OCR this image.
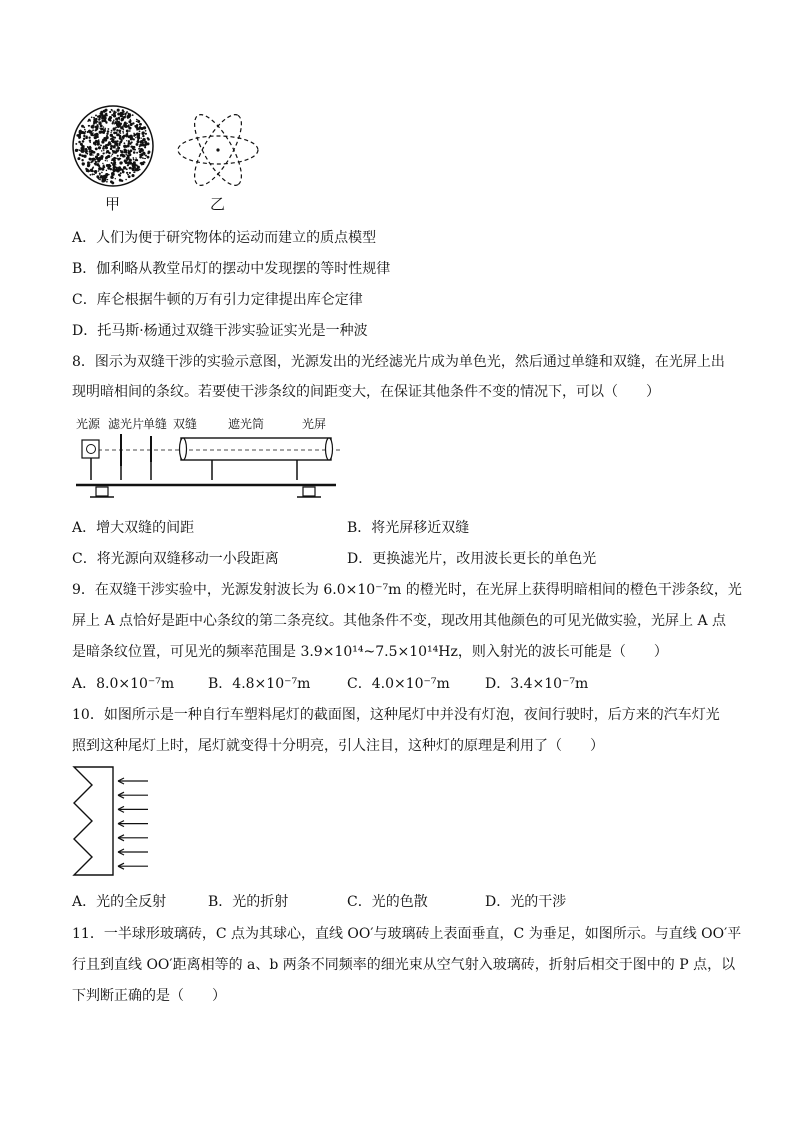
甲	乙
A．人们为便于研究物体的运动而建立的质点模型
B．伽利略从教堂吊灯的摆动中发现摆的等时性规律
C．库仑根据牛顿的万有引力定律提出库仑定律
D．托马斯·杨通过双缝干涉实验证实光是一种波
8．图示为双缝干涉的实验示意图，光源发出的光经滤光片成为单色光，然后通过单缝和双缝，在光屏上出
现明暗相间的条纹。若要使干涉条纹的间距变大，在保证其他条件不变的情况下，可以（　　）
光源 滤光片
单缝 双缝	遮光筒	光屏
A．增大双缝的间距	B．将光屏移近双缝
C．将光源向双缝移动一小段距离	D．更换滤光片，改用波长更长的单色光
9．在双缝干涉实验中，光源发射波长为 6.0×10⁻⁷m 的橙光时，在光屏上获得明暗相间的橙色干涉条纹，光
屏上 A 点恰好是距中心条纹的第二条亮纹。其他条件不变，现改用其他颜色的可见光做实验，光屏上 A 点
是暗条纹位置，可见光的频率范围是 3.9×10¹⁴~7.5×10¹⁴Hz，则入射光的波长可能是（　　）
A．8.0×10⁻⁷m B．4.8×10⁻⁷m	C．4.0×10⁻⁷m	D．3.4×10⁻⁷m
10．如图所示是一种自行车塑料尾灯的截面图，这种尾灯中并没有灯泡，夜间行驶时，后方来的汽车灯光
照到这种尾灯上时，尾灯就变得十分明亮，引人注目，这种灯的原理是利用了（　　）
A．光的全反射	B．光的折射	C．光的色散	D．光的干涉
11．一半球形玻璃砖，C 点为其球心，直线 OO′与玻璃砖上表面垂直，C 为垂足，如图所示。与直线 OO′平
行且到直线 OO′距离相等的 a、b 两条不同频率的细光束从空气射入玻璃砖，折射后相交于图中的 P 点，以
下判断正确的是（　　）
